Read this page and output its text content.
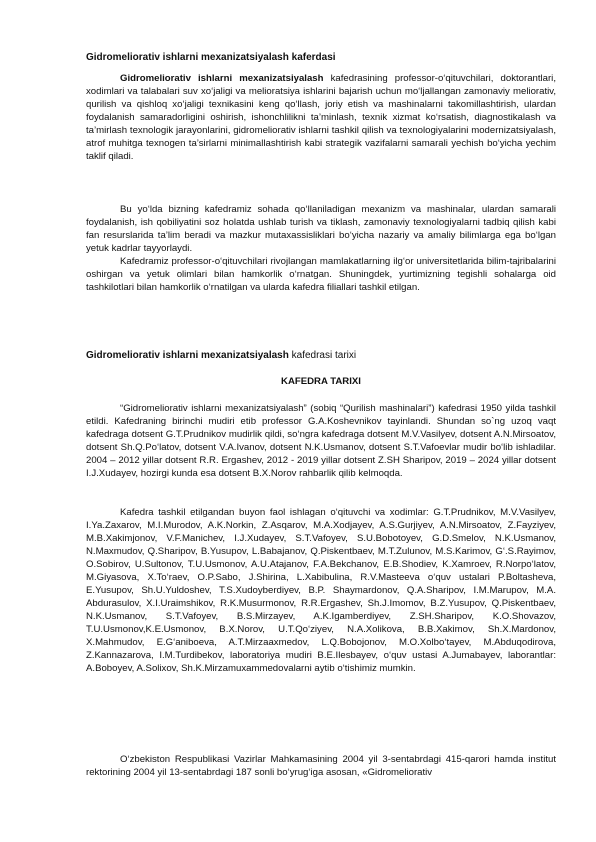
Gidromeliorativ ishlarni mexanizatsiyalash kaferdasi

Gidromeliorativ ishlarni mexanizatsiyalash kafedrasining professor-o‘qituvchilari, doktorantlari, xodimlari va talabalari suv xo‘jaligi va melioratsiya ishlarini bajarish uchun mo‘ljallangan zamonaviy meliorativ, qurilish va qishloq xo‘jaligi texnikasini keng qo‘llash, joriy etish va mashinalarni takomillashtirish, ulardan foydalanish samaradorligini oshirish, ishonchlilikni ta’minlash, texnik xizmat ko‘rsatish, diagnostikalash va ta’mirlash texnologik jarayonlarini, gidromeliorativ ishlarni tashkil qilish va texnologiyalarini modernizatsiyalash, atrof muhitga texnogen ta’sirlarni minimallashtirish kabi strategik vazifalarni samarali yechish bo‘yicha yechim taklif qiladi.

Bu yo‘lda bizning kafedramiz sohada qo‘llaniladigan mexanizm va mashinalar, ulardan samarali foydalanish, ish qobiliyatini soz holatda ushlab turish va tiklash, zamonaviy texnologiyalarni tadbiq qilish kabi fan resurslarida ta’lim beradi va mazkur mutaxassisliklari bo‘yicha nazariy va amaliy bilimlarga ega bo‘lgan yetuk kadrlar tayyorlaydi.

Kafedramiz professor-o‘qituvchilari rivojlangan mamlakatlarning ilg‘or universitetlarida bilim-tajribalarini oshirgan va yetuk olimlari bilan hamkorlik o‘rnatgan. Shuningdek, yurtimizning tegishli sohalarga oid tashkilotlari bilan hamkorlik o‘rnatilgan va ularda kafedra filiallari tashkil etilgan.

Gidromeliorativ ishlarni mexanizatsiyalash kafedrasi tarixi

KAFEDRA TARIXI

“Gidromeliorativ ishlarni mexanizatsiyalash” (sobiq “Qurilish mashinalari”) kafedrasi 1950 yilda tashkil etildi. Kafedraning birinchi mudiri etib professor G.A.Koshevnikov tayinlandi. Shundan so`ng uzoq vaqt kafedraga dotsent G.T.Prudnikov mudirlik qildi, so‘ngra kafedraga dotsent M.V.Vasilyev, dotsent A.N.Mirsoatov, dotsent Sh.Q.Po‘latov, dotsent V.A.Ivanov, dotsent N.K.Usmanov, dotsent S.T.Vafoevlar mudir bo‘lib ishladilar. 2004 – 2012 yillar dotsent R.R. Ergashev, 2012 - 2019 yillar dotsent Z.SH Sharipov, 2019 – 2024 yillar dotsent I.J.Xudayev, hozirgi kunda esa dotsent B.X.Norov rahbarlik qilib kelmoqda.

Kafedra tashkil etilgandan buyon faol ishlagan o‘qituvchi va xodimlar: G.T.Prudnikov, M.V.Vasilyev, I.Ya.Zaxarov, M.I.Murodov, A.K.Norkin, Z.Asqarov, M.A.Xodjayev, A.S.Gurjiyev, A.N.Mirsoatov, Z.Fayziyev, M.B.Xakimjonov, V.F.Manichev, I.J.Xudayev, S.T.Vafoyev, S.U.Bobotoyev, G.D.Smelov, N.K.Usmanov, N.Maxmudov, Q.Sharipov, B.Yusupov, L.Babajanov, Q.Piskentbaev, M.T.Zulunov, M.S.Karimov, G‘.S.Rayimov, O.Sobirov, U.Sultonov, T.U.Usmonov, A.U.Atajanov, F.A.Bekchanov, E.B.Shodiev, K.Xamroev, R.Norpo‘latov, M.Giyasova, X.To‘raev, O.P.Sabo, J.Shirina, L.Xabibulina, R.V.Masteeva o‘quv ustalari P.Boltasheva, E.Yusupov, Sh.U.Yuldoshev, T.S.Xudoyberdiyev, B.P. Shaymardonov, Q.A.Sharipov, I.M.Marupov, M.A. Abdurasulov, X.I.Uraimshikov, R.K.Musurmonov, R.R.Ergashev, Sh.J.Imomov, B.Z.Yusupov, Q.Piskentbaev, N.K.Usmanov, S.T.Vafoyev, B.S.Mirzayev, A.K.Igamberdiyev, Z.SH.Sharipov, K.O.Shovazov, T.U.Usmonov,K.E.Usmonov, B.X.Norov, U.T.Qo‘ziyev, N.A.Xolikova, B.B.Xakimov, Sh.X.Mardonov, X.Mahmudov, E.G‘aniboeva, A.T.Mirzaaxmedov, L.Q.Bobojonov, M.O.Xolbo‘tayev, M.Abduqodirova, Z.Kannazarova, I.M.Turdibekov, laboratoriya mudiri B.E.Ilesbayev, o‘quv ustasi A.Jumabayev, laborantlar: A.Boboyev, A.Solixov, Sh.K.Mirzamuxammedovalarni aytib o‘tishimiz mumkin.

O‘zbekiston Respublikasi Vazirlar Mahkamasining 2004 yil 3-sentabrdagi 415-qarori hamda institut rektorining 2004 yil 13-sentabrdagi 187 sonli bo‘yrug‘iga asosan, «Gidromeliorativ
